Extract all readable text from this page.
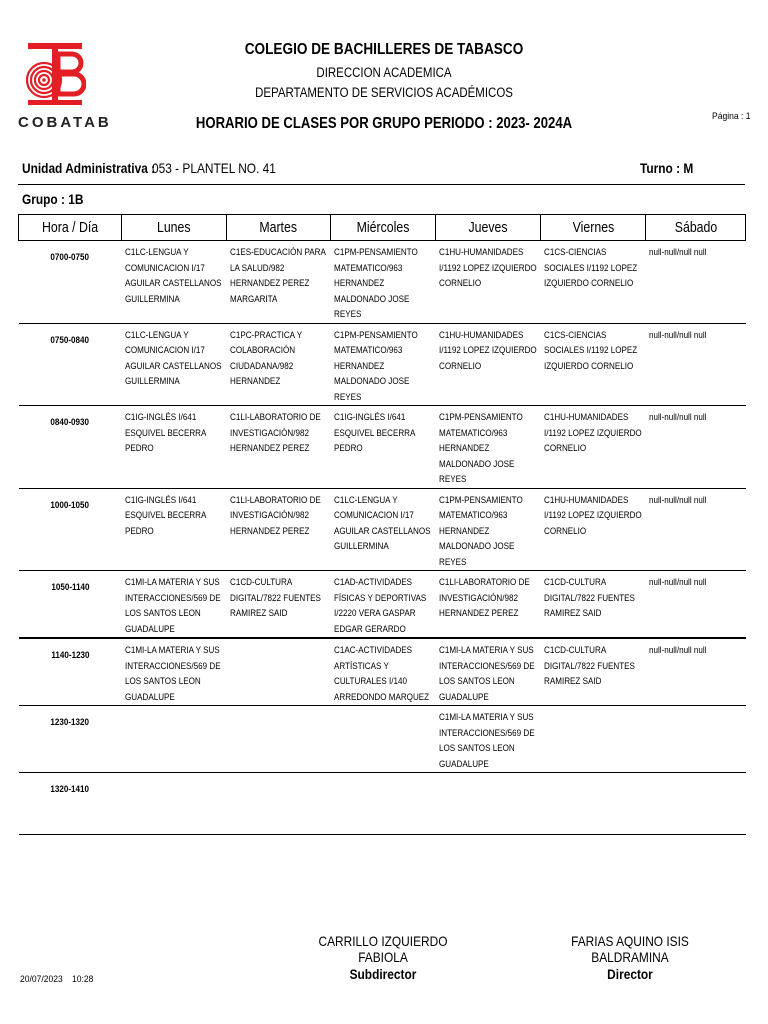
COBATAB
COLEGIO DE BACHILLERES DE TABASCO
DIRECCION ACADEMICA
DEPARTAMENTO DE SERVICIOS ACADÉMICOS
HORARIO DE CLASES POR GRUPO PERIODO : 2023- 2024A	Página : 1
Unidad Administrativa :
053 - PLANTEL NO. 41	Turno : M
Grupo : 1B
Hora / Día	Lunes	Martes	Miércoles	Jueves	Viernes	Sábado
0700-0750	C1LC-LENGUA Y COMUNICACION I/17 AGUILAR CASTELLANOS GUILLERMINA	C1ES-EDUCACIÓN PARA LA SALUD/982 HERNANDEZ PEREZ MARGARITA	C1PM-PENSAMIENTO MATEMATICO/963 HERNANDEZ MALDONADO JOSE REYES	C1HU-HUMANIDADES I/1192 LOPEZ IZQUIERDO CORNELIO	C1CS-CIENCIAS SOCIALES I/1192 LOPEZ IZQUIERDO CORNELIO	null-null/null null

0750-0840	C1LC-LENGUA Y COMUNICACION I/17 AGUILAR CASTELLANOS GUILLERMINA	C1PC-PRACTICA Y COLABORACIÓN CIUDADANA/982 HERNANDEZ	C1PM-PENSAMIENTO MATEMATICO/963 HERNANDEZ MALDONADO JOSE REYES	C1HU-HUMANIDADES I/1192 LOPEZ IZQUIERDO CORNELIO	C1CS-CIENCIAS SOCIALES I/1192 LOPEZ IZQUIERDO CORNELIO	null-null/null null

0840-0930	C1IG-INGLÉS I/641 ESQUIVEL BECERRA PEDRO	C1LI-LABORATORIO DE INVESTIGACIÓN/982 HERNANDEZ PEREZ	C1IG-INGLÉS I/641 ESQUIVEL BECERRA PEDRO	C1PM-PENSAMIENTO MATEMATICO/963 HERNANDEZ MALDONADO JOSE REYES	C1HU-HUMANIDADES I/1192 LOPEZ IZQUIERDO CORNELIO	null-null/null null

1000-1050	C1IG-INGLÉS I/641 ESQUIVEL BECERRA PEDRO	C1LI-LABORATORIO DE INVESTIGACIÓN/982 HERNANDEZ PEREZ	C1LC-LENGUA Y COMUNICACION I/17 AGUILAR CASTELLANOS GUILLERMINA	C1PM-PENSAMIENTO MATEMATICO/963 HERNANDEZ MALDONADO JOSE REYES	C1HU-HUMANIDADES I/1192 LOPEZ IZQUIERDO CORNELIO	null-null/null null

1050-1140	C1MI-LA MATERIA Y SUS INTERACCIONES/569 DE LOS SANTOS LEON GUADALUPE	C1CD-CULTURA DIGITAL/7822 FUENTES RAMIREZ SAID	C1AD-ACTIVIDADES FÍSICAS Y DEPORTIVAS I/2220 VERA GASPAR EDGAR GERARDO	C1LI-LABORATORIO DE INVESTIGACIÓN/982 HERNANDEZ PEREZ	C1CD-CULTURA DIGITAL/7822 FUENTES RAMIREZ SAID	null-null/null null

1140-1230	C1MI-LA MATERIA Y SUS INTERACCIONES/569 DE LOS SANTOS LEON GUADALUPE		C1AC-ACTIVIDADES ARTÍSTICAS Y CULTURALES I/140 ARREDONDO MARQUEZ	C1MI-LA MATERIA Y SUS INTERACCIONES/569 DE LOS SANTOS LEON GUADALUPE	C1CD-CULTURA DIGITAL/7822 FUENTES RAMIREZ SAID	null-null/null null

1230-1320				C1MI-LA MATERIA Y SUS INTERACCIONES/569 DE LOS SANTOS LEON GUADALUPE		

1320-1410	

CARRILLO IZQUIERDO FABIOLA
Subdirector
FARIAS AQUINO ISIS BALDRAMINA
Director
20/07/2023 10:28
